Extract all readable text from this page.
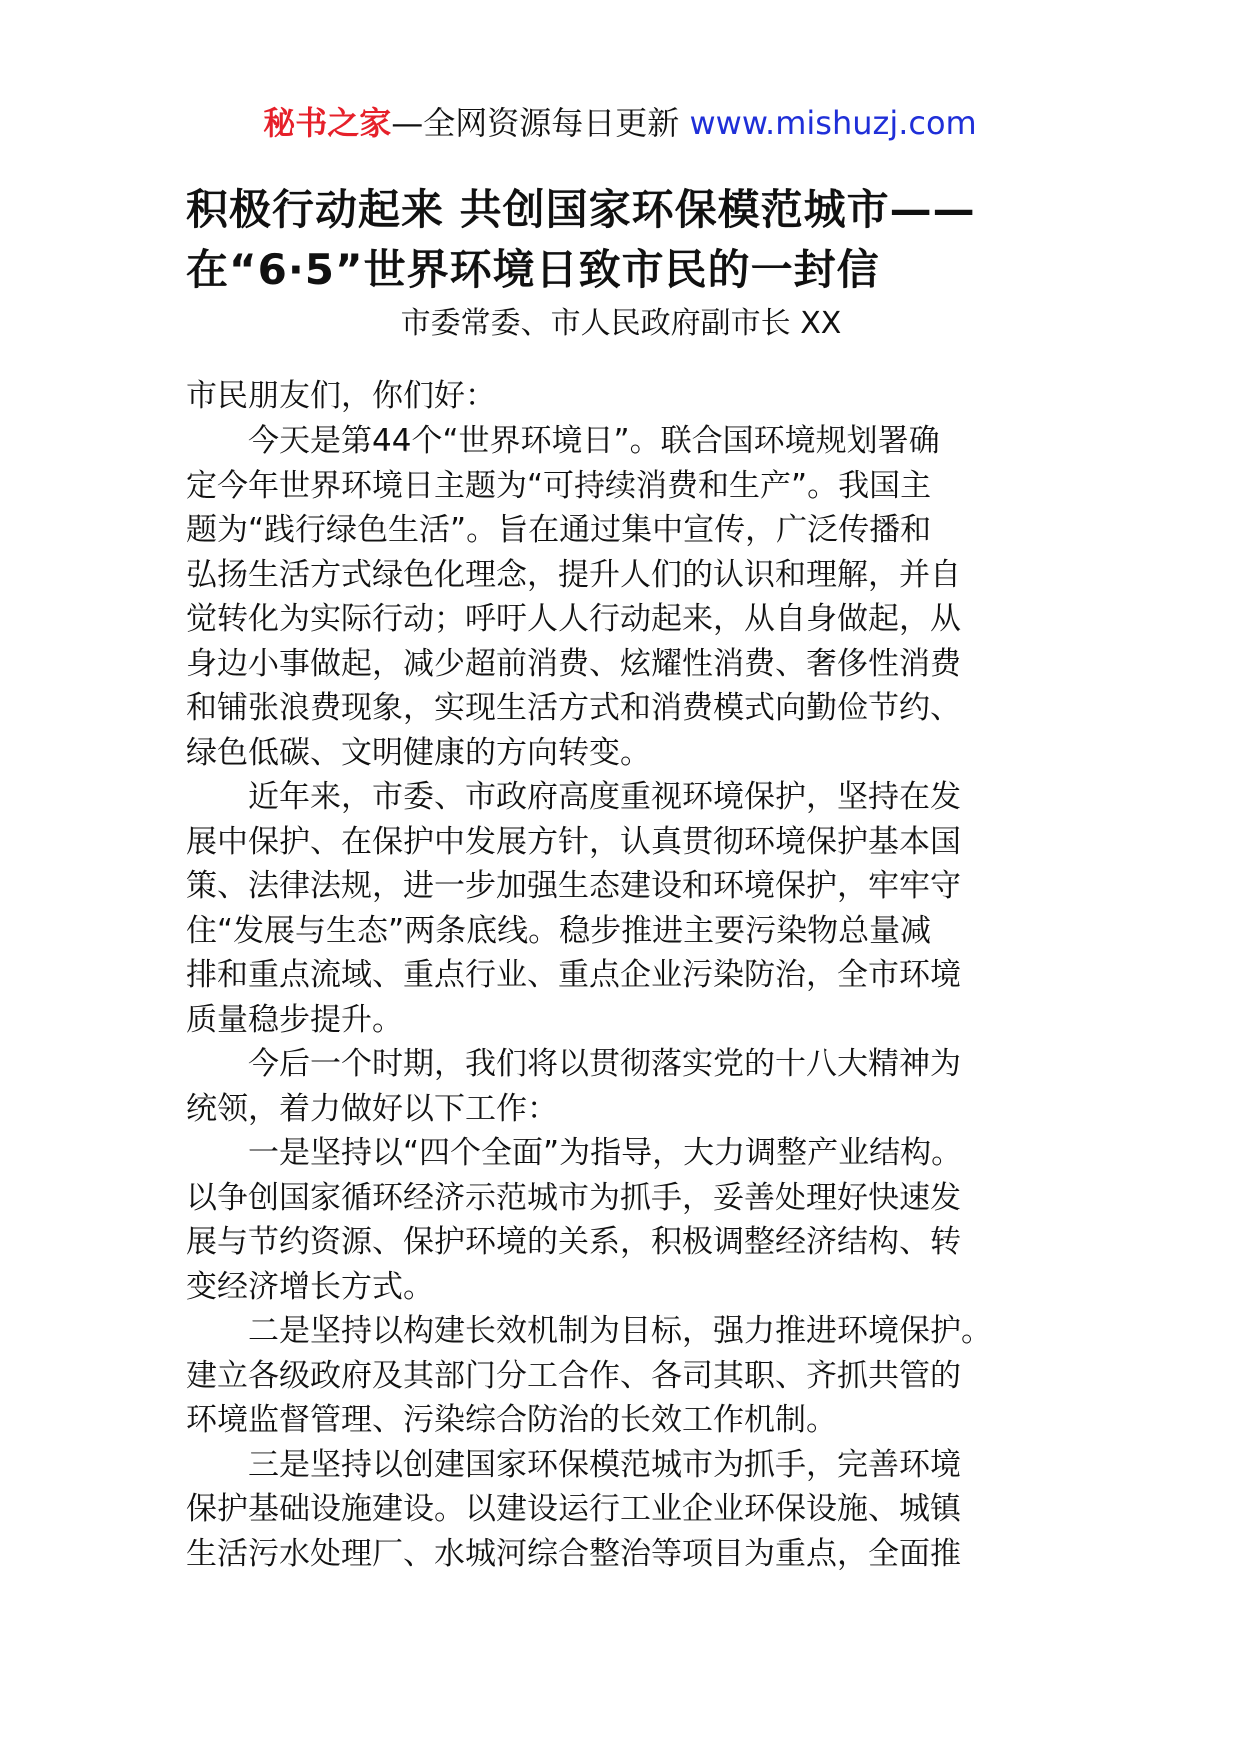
秘书之家—全网资源每日更新 www.mishuzj.com
积极行动起来 共创国家环保模范城市——
在“6·5”世界环境日致市民的一封信
市委常委、市人民政府副市长 XX
市民朋友们，你们好：
今天是第44个“世界环境日”。联合国环境规划署确
定今年世界环境日主题为“可持续消费和生产”。我国主
题为“践行绿色生活”。旨在通过集中宣传，广泛传播和
弘扬生活方式绿色化理念，提升人们的认识和理解，并自
觉转化为实际行动；呼吁人人行动起来，从自身做起，从
身边小事做起，减少超前消费、炫耀性消费、奢侈性消费
和铺张浪费现象，实现生活方式和消费模式向勤俭节约、
绿色低碳、文明健康的方向转变。
近年来，市委、市政府高度重视环境保护，坚持在发
展中保护、在保护中发展方针，认真贯彻环境保护基本国
策、法律法规，进一步加强生态建设和环境保护，牢牢守
住“发展与生态”两条底线。稳步推进主要污染物总量减
排和重点流域、重点行业、重点企业污染防治，全市环境
质量稳步提升。
今后一个时期，我们将以贯彻落实党的十八大精神为
统领，着力做好以下工作：
一是坚持以“四个全面”为指导，大力调整产业结构。
以争创国家循环经济示范城市为抓手，妥善处理好快速发
展与节约资源、保护环境的关系，积极调整经济结构、转
变经济增长方式。
二是坚持以构建长效机制为目标，强力推进环境保护。
建立各级政府及其部门分工合作、各司其职、齐抓共管的
环境监督管理、污染综合防治的长效工作机制。
三是坚持以创建国家环保模范城市为抓手，完善环境
保护基础设施建设。以建设运行工业企业环保设施、城镇
生活污水处理厂、水城河综合整治等项目为重点，全面推
